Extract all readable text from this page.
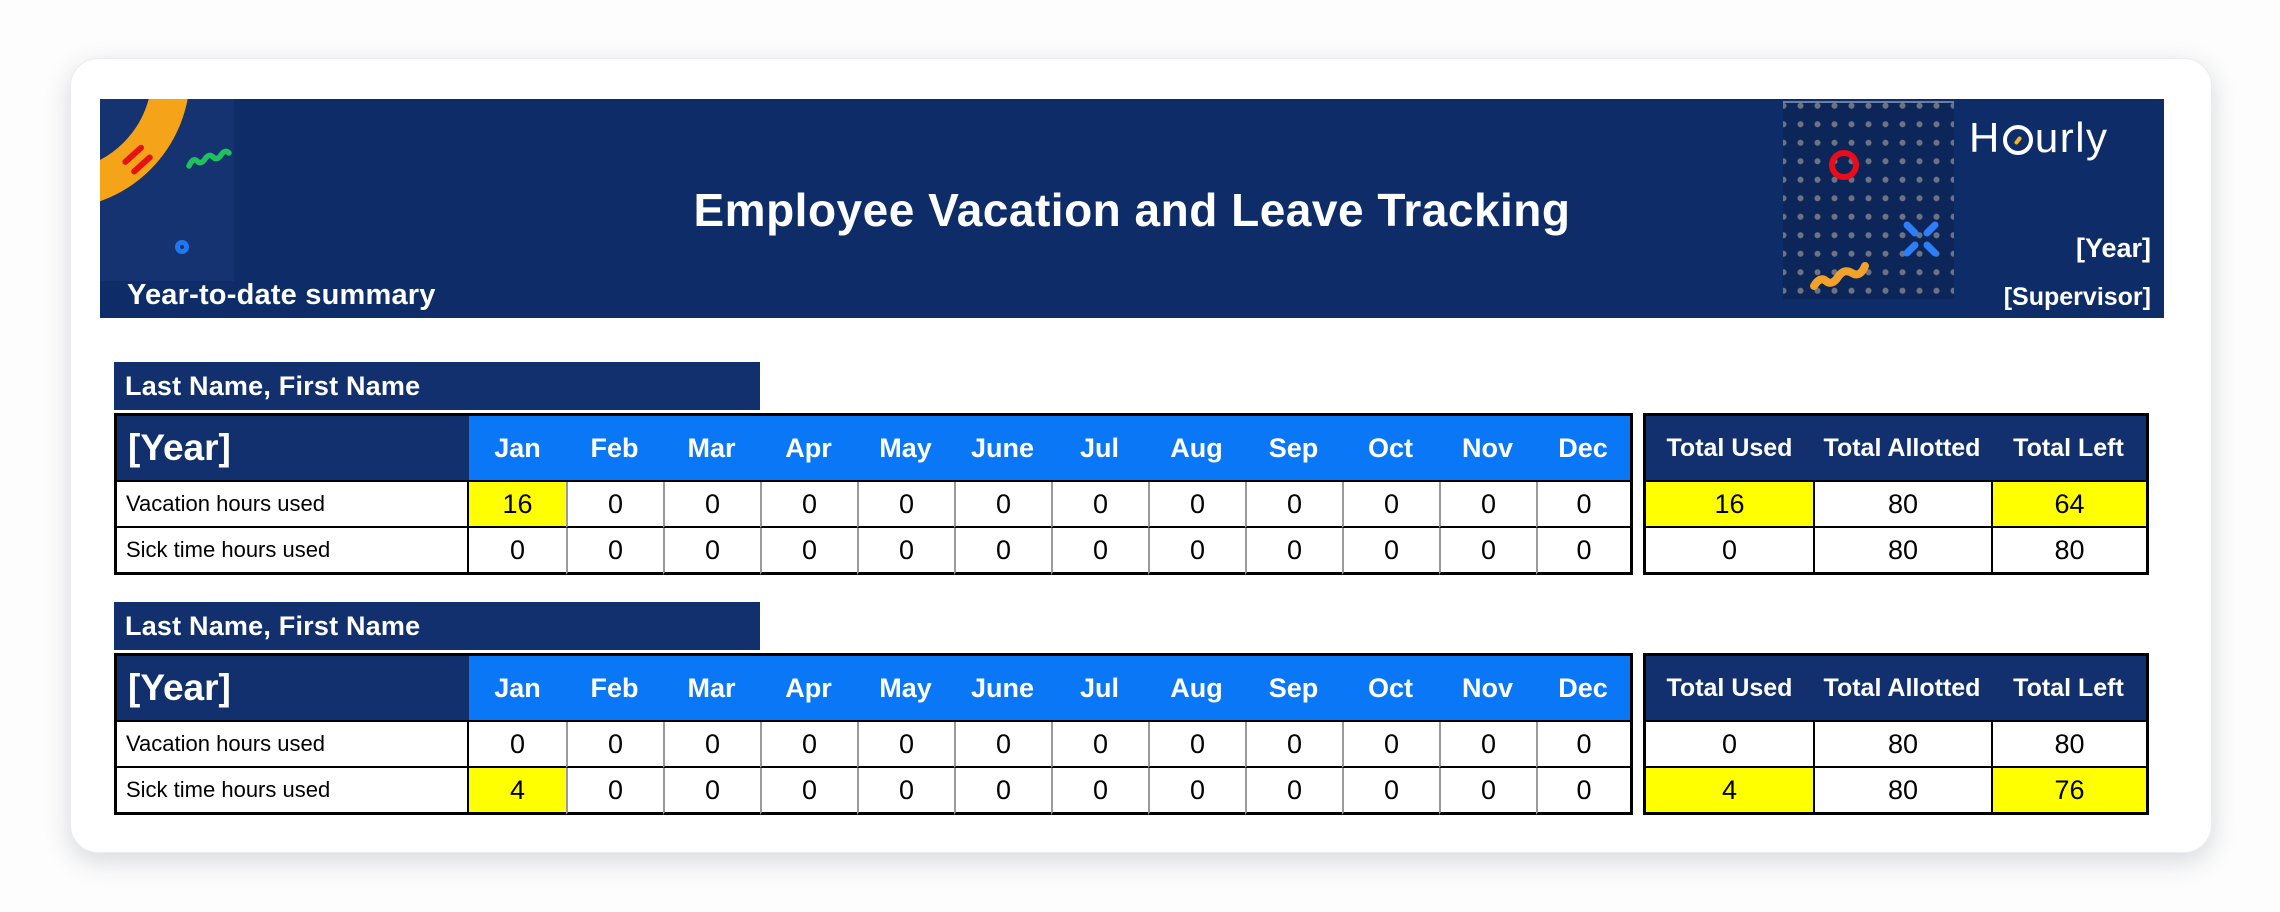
Employee Vacation and Leave Tracking
Year-to-date summary
H urly
[Year]
[Supervisor]
Last Name, First Name
[Year]	Jan	Feb	Mar	Apr	May	June	Jul	Aug	Sep	Oct	Nov	Dec	Total Used	Total Allotted	Total Left
Vacation hours used	16	0	0	0	0	0	0	0	0	0	0	0	16	80	64
Sick time hours used	0	0	0	0	0	0	0	0	0	0	0	0	0	80	80
Last Name, First Name
[Year]	Jan	Feb	Mar	Apr	May	June	Jul	Aug	Sep	Oct	Nov	Dec	Total Used	Total Allotted	Total Left
Vacation hours used	0	0	0	0	0	0	0	0	0	0	0	0	0	80	80
Sick time hours used	4	0	0	0	0	0	0	0	0	0	0	0	4	80	76
